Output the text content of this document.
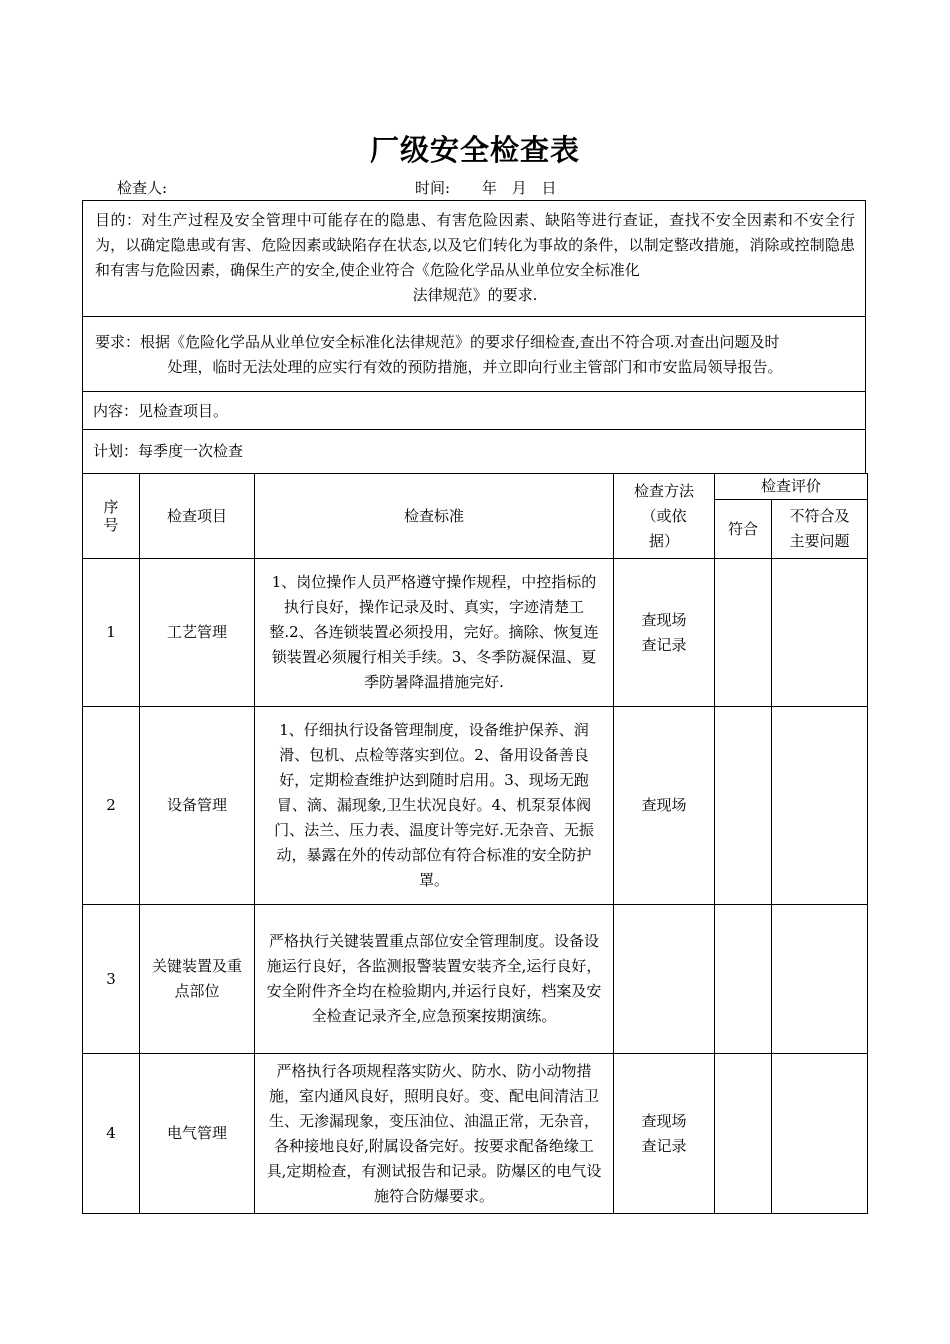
厂级安全检查表
检查人:	时间: 年 月 日
目的：对生产过程及安全管理中可能存在的隐患、有害危险因素、缺陷等进行查证，查找不安全因素和不安全行为，以确定隐患或有害、危险因素或缺陷存在状态,以及它们转化为事故的条件，以制定整改措施，消除或控制隐患和有害与危险因素，确保生产的安全,使企业符合《危险化学品从业单位安全标准化
法律规范》的要求.
要求：根据《危险化学品从业单位安全标准化法律规范》的要求仔细检查,查出不符合项.对查出问题及时
处理，临时无法处理的应实行有效的预防措施，并立即向行业主管部门和市安监局领导报告。
内容：见检查项目。
计划：每季度一次检查
序号	检查项目	检查标准	检查方法（或依据）	检查评价	
				符合	不符合及主要问题

1	工艺管理	1、岗位操作人员严格遵守操作规程，中控指标的执行良好，操作记录及时、真实，字迹清楚工整.2、各连锁装置必须投用，完好。摘除、恢复连锁装置必须履行相关手续。3、冬季防凝保温、夏季防暑降温措施完好.	查现场查记录		

2	设备管理	1、仔细执行设备管理制度，设备维护保养、润滑、包机、点检等落实到位。2、备用设备善良好，定期检查维护达到随时启用。3、现场无跑冒、滴、漏现象,卫生状况良好。4、机泵泵体阀门、法兰、压力表、温度计等完好.无杂音、无振动，暴露在外的传动部位有符合标准的安全防护罩。	查现场		
3	关键装置及重点部位	严格执行关键装置重点部位安全管理制度。设备设施运行良好，各监测报警装置安装齐全,运行良好，安全附件齐全均在检验期内,并运行良好，档案及安全检查记录齐全,应急预案按期演练。			
4	电气管理	严格执行各项规程落实防火、防水、防小动物措施，室内通风良好，照明良好。变、配电间清洁卫生、无渗漏现象，变压油位、油温正常，无杂音，各种接地良好,附属设备完好。按要求配备绝缘工具,定期检查，有测试报告和记录。防爆区的电气设施符合防爆要求。	查现场查记录		
